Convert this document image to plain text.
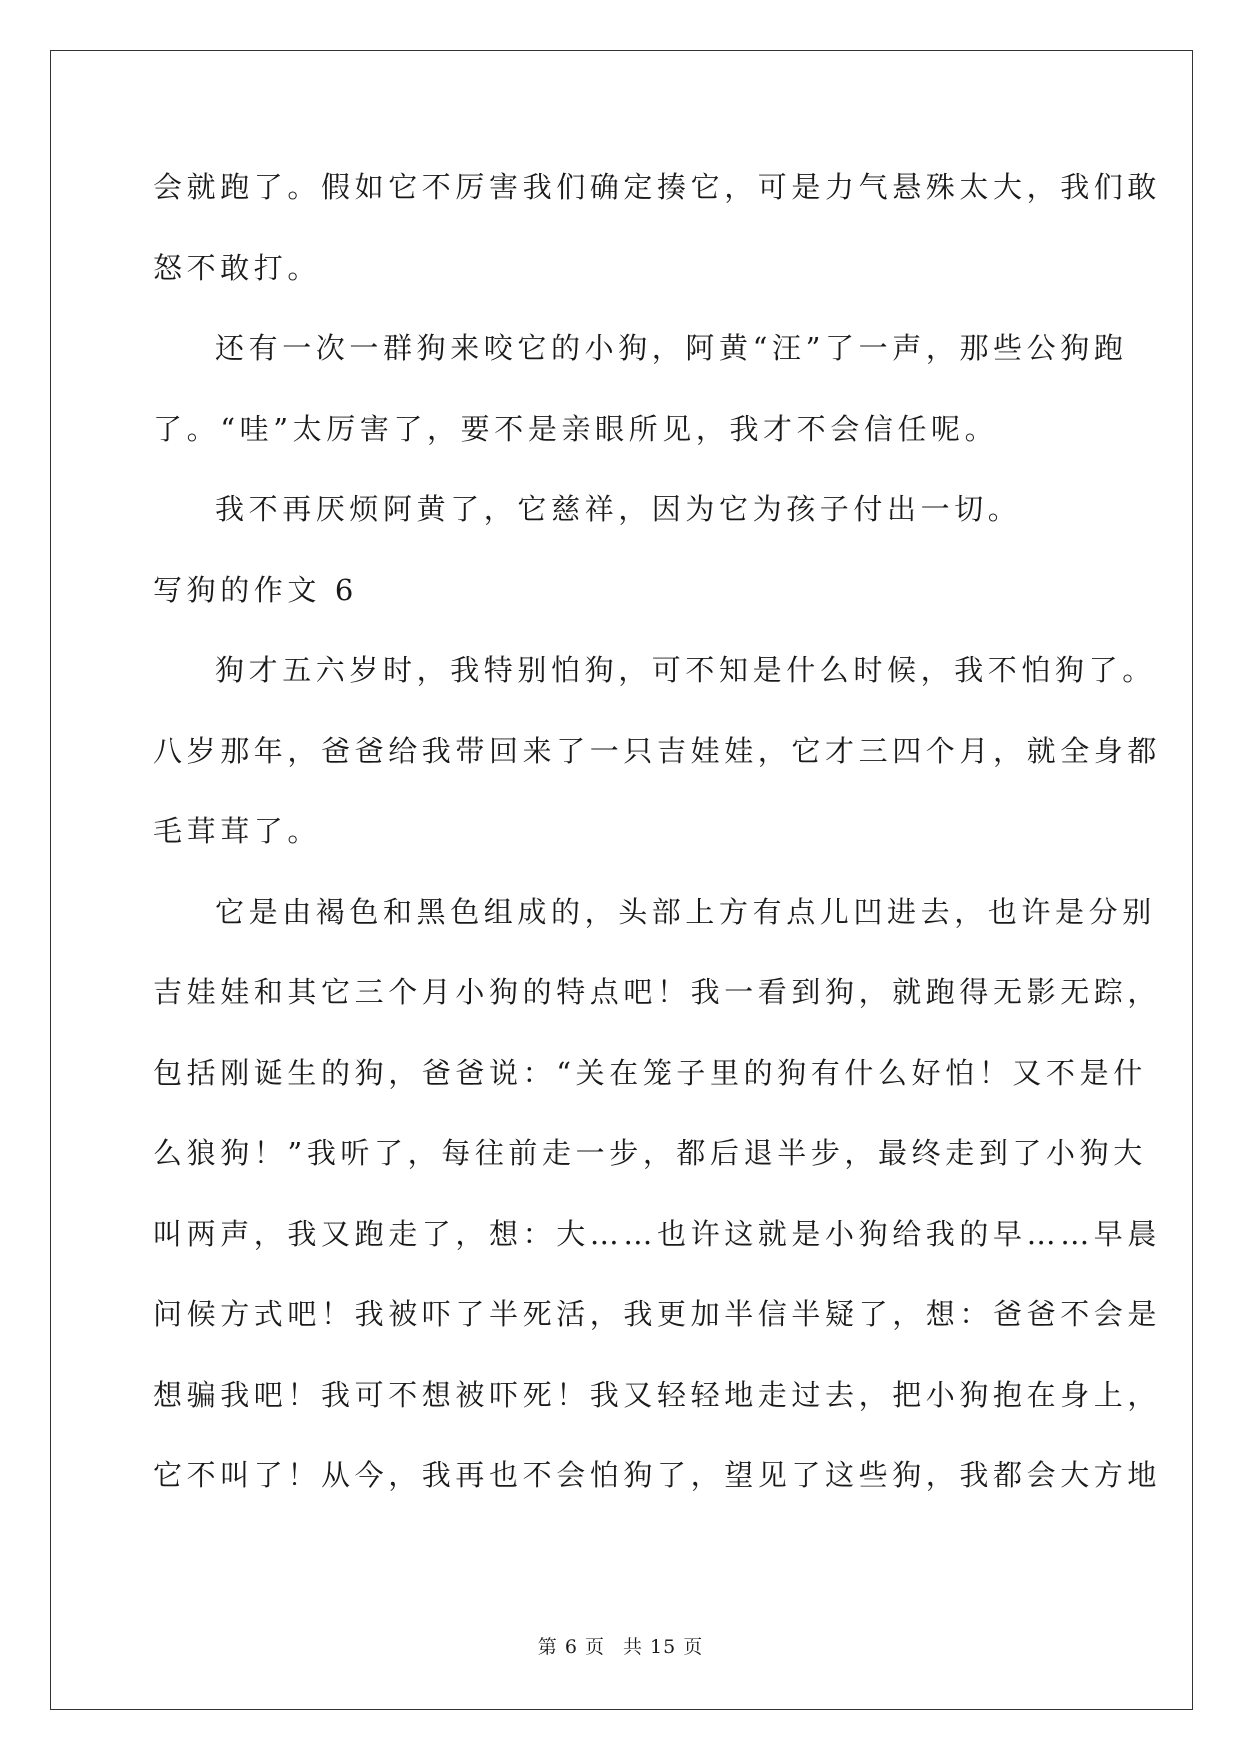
会就跑了。假如它不厉害我们确定揍它，可是力气悬殊太大，我们敢
怒不敢打。
还有一次一群狗来咬它的小狗，阿黄“汪”了一声，那些公狗跑
了。“哇”太厉害了，要不是亲眼所见，我才不会信任呢。
我不再厌烦阿黄了，它慈祥，因为它为孩子付出一切。
写狗的作文 6
狗才五六岁时，我特别怕狗，可不知是什么时候，我不怕狗了。
八岁那年，爸爸给我带回来了一只吉娃娃，它才三四个月，就全身都
毛茸茸了。
它是由褐色和黑色组成的，头部上方有点儿凹进去，也许是分别
吉娃娃和其它三个月小狗的特点吧！我一看到狗，就跑得无影无踪，
包括刚诞生的狗，爸爸说：“关在笼子里的狗有什么好怕！又不是什
么狼狗！”我听了，每往前走一步，都后退半步，最终走到了小狗大
叫两声，我又跑走了，想：大……也许这就是小狗给我的早……早晨
问候方式吧！我被吓了半死活，我更加半信半疑了，想：爸爸不会是
想骗我吧！我可不想被吓死！我又轻轻地走过去，把小狗抱在身上，
它不叫了！从今，我再也不会怕狗了，望见了这些狗，我都会大方地
第 6 页 共 15 页
